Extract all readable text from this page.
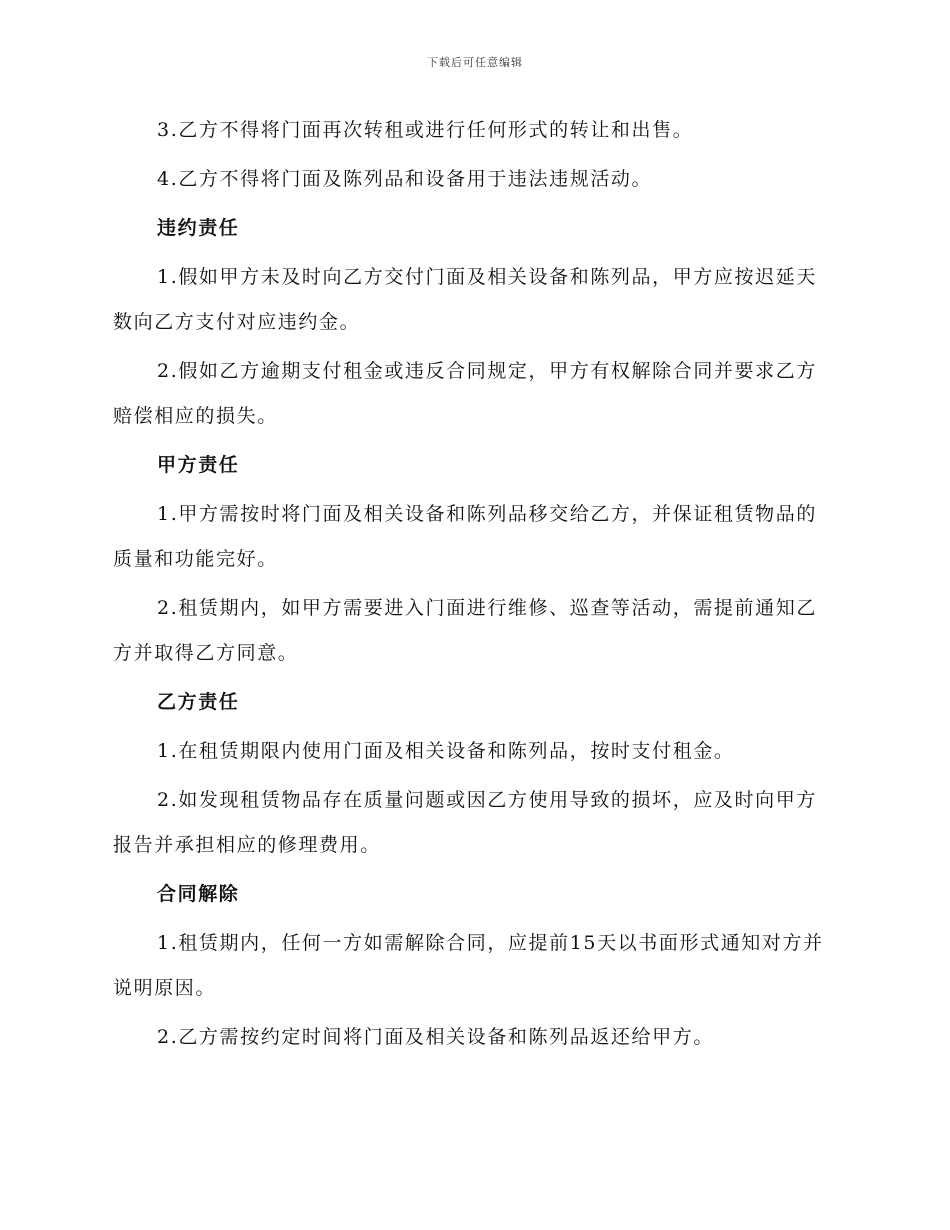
下载后可任意编辑

3.乙方不得将门面再次转租或进行任何形式的转让和出售。

4.乙方不得将门面及陈列品和设备用于违法违规活动。

违约责任

1.假如甲方未及时向乙方交付门面及相关设备和陈列品，甲方应按迟延天数向乙方支付对应违约金。

2.假如乙方逾期支付租金或违反合同规定，甲方有权解除合同并要求乙方赔偿相应的损失。

甲方责任

1.甲方需按时将门面及相关设备和陈列品移交给乙方，并保证租赁物品的质量和功能完好。

2.租赁期内，如甲方需要进入门面进行维修、巡查等活动，需提前通知乙方并取得乙方同意。

乙方责任

1.在租赁期限内使用门面及相关设备和陈列品，按时支付租金。

2.如发现租赁物品存在质量问题或因乙方使用导致的损坏，应及时向甲方报告并承担相应的修理费用。

合同解除

1.租赁期内，任何一方如需解除合同，应提前15天以书面形式通知对方并说明原因。

2.乙方需按约定时间将门面及相关设备和陈列品返还给甲方。
